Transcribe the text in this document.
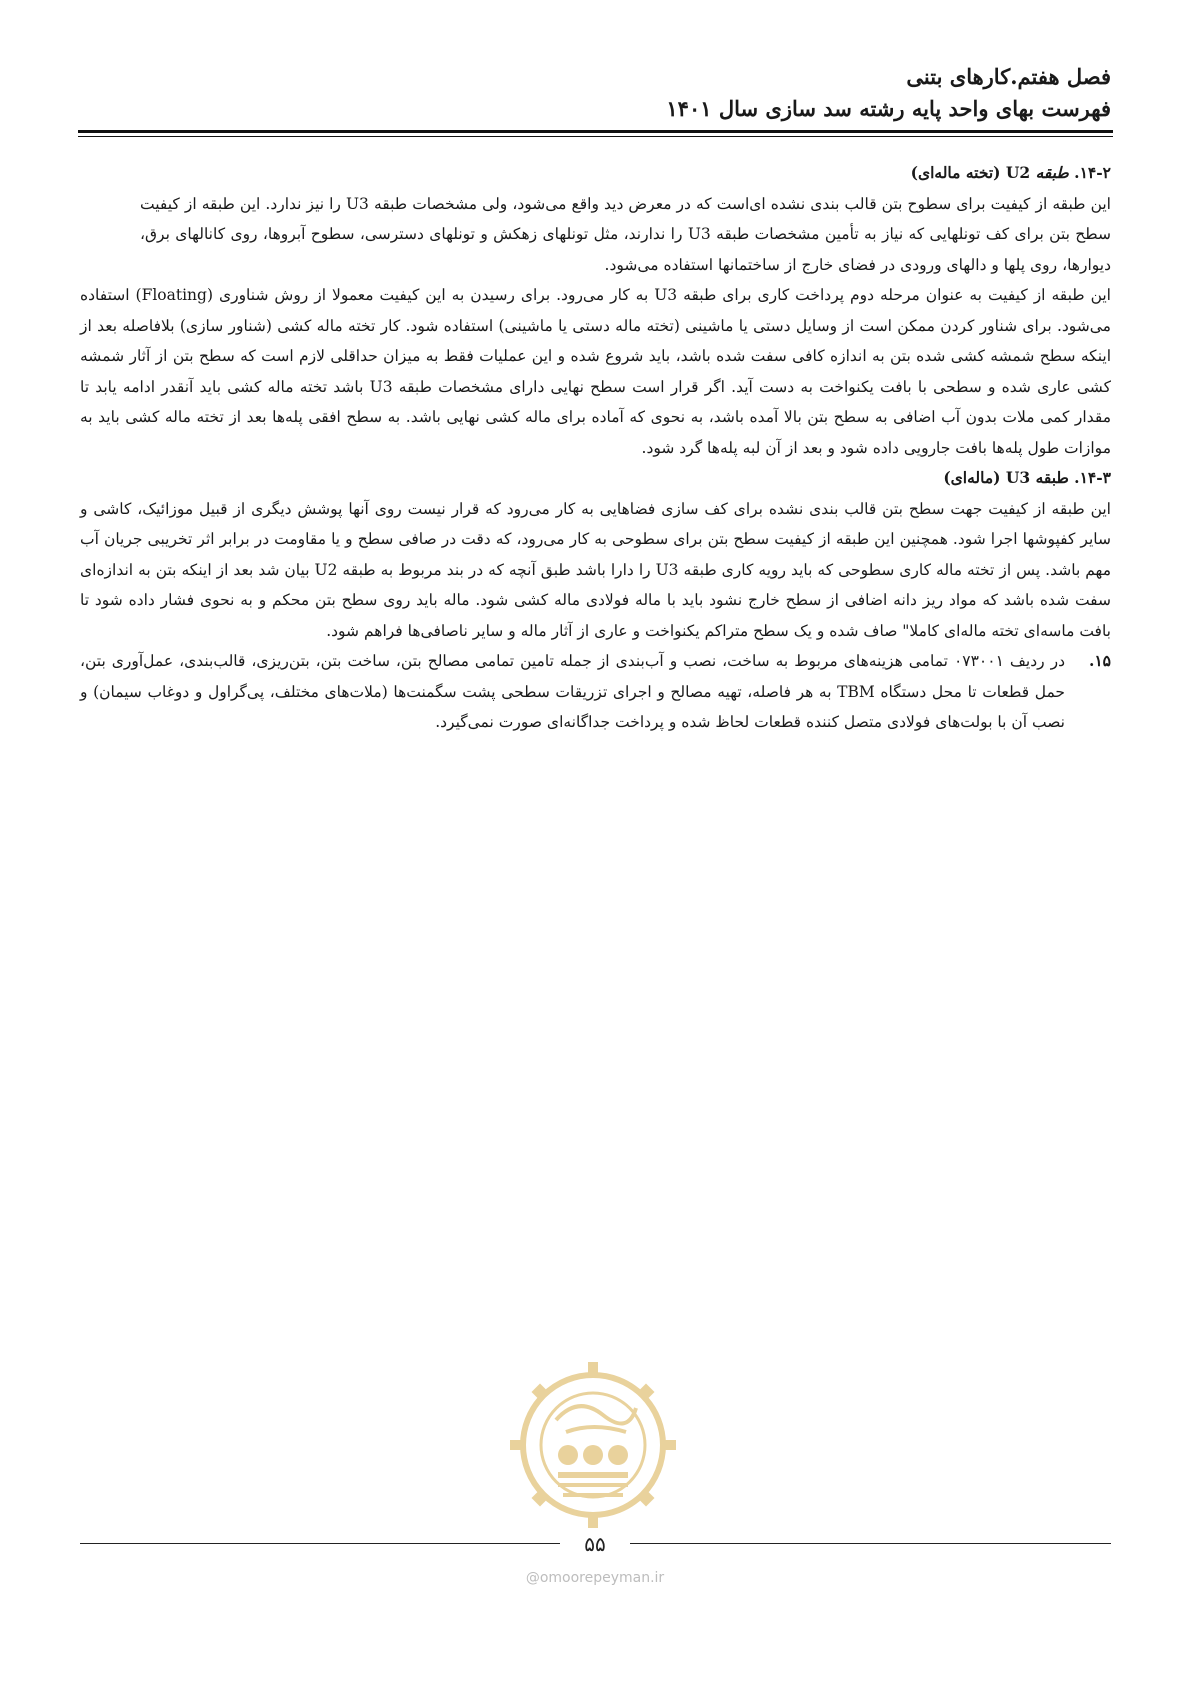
فصل هفتم.کارهای بتنی
فهرست بهای واحد پایه رشته سد سازی سال ۱۴۰۱

۱۴-۲. طبقه U2 (تخته ماله‌ای)

این طبقه از کیفیت برای سطوح بتن قالب بندی نشده ای‌است که در معرض دید واقع می‌شود، ولی مشخصات طبقه U3 را نیز ندارد. این طبقه از کیفیت سطح بتن برای کف تونلهایی که نیاز به تأمین مشخصات طبقه U3 را ندارند، مثل تونلهای زهکش و تونلهای دسترسی، سطوح آبروها، روی کانالهای برق، دیوارها، روی پلها و دالهای ورودی در فضای خارج از ساختمانها استفاده می‌شود.

این طبقه از کیفیت به عنوان مرحله دوم پرداخت کاری برای طبقه U3 به کار می‌رود. برای رسیدن به این کیفیت معمولا از روش شناوری (Floating) استفاده می‌شود. برای شناور کردن ممکن است از وسایل دستی یا ماشینی (تخته ماله دستی یا ماشینی) استفاده شود. کار تخته ماله کشی (شناور سازی) بلافاصله بعد از اینکه سطح شمشه کشی شده بتن به اندازه کافی سفت شده باشد، باید شروع شده و این عملیات فقط به میزان حداقلی لازم است که سطح بتن از آثار شمشه کشی عاری شده و سطحی با بافت یکنواخت به دست آید. اگر قرار است سطح نهایی دارای مشخصات طبقه U3 باشد تخته ماله کشی باید آنقدر ادامه یابد تا مقدار کمی ملات بدون آب اضافی به سطح بتن بالا آمده باشد، به نحوی که آماده برای ماله کشی نهایی باشد. به سطح افقی پله‌ها بعد از تخته ماله کشی باید به موازات طول پله‌ها بافت جارویی داده شود و بعد از آن لبه پله‌ها گرد شود.

۱۴-۳. طبقه U3 (ماله‌ای)

این طبقه از کیفیت جهت سطح بتن قالب بندی نشده برای کف سازی فضاهایی به کار می‌رود که قرار نیست روی آنها پوشش دیگری از قبیل موزائیک، کاشی و سایر کفپوشها اجرا شود. همچنین این طبقه از کیفیت سطح بتن برای سطوحی به کار می‌رود، که دقت در صافی سطح و یا مقاومت در برابر اثر تخریبی جریان آب مهم باشد. پس از تخته ماله کاری سطوحی که باید رویه کاری طبقه U3 را دارا باشد طبق آنچه که در بند مربوط به طبقه U2 بیان شد بعد از اینکه بتن به اندازه‌ای سفت شده باشد که مواد ریز دانه اضافی از سطح خارج نشود باید با ماله فولادی ماله کشی شود. ماله باید روی سطح بتن محکم و به نحوی فشار داده شود تا بافت ماسه‌ای تخته ماله‌ای کاملا" صاف شده و یک سطح متراکم یکنواخت و عاری از آثار ماله و سایر ناصافی‌ها فراهم شود.

۱۵.
در ردیف ۰۷۳۰۰۱ تمامی هزینه‌های مربوط به ساخت، نصب و آب‌بندی از جمله تامین تمامی مصالح بتن، ساخت بتن، بتن‌ریزی، قالب‌بندی، عمل‌آوری بتن، حمل قطعات تا محل دستگاه TBM به هر فاصله، تهیه مصالح و اجرای تزریقات سطحی پشت سگمنت‌ها (ملات‌های مختلف، پی‌گراول و دوغاب سیمان) و نصب آن با بولت‌های فولادی متصل کننده قطعات لحاظ شده و پرداخت جداگانه‌ای صورت نمی‌گیرد.

۵۵
@omoorepeyman.ir
